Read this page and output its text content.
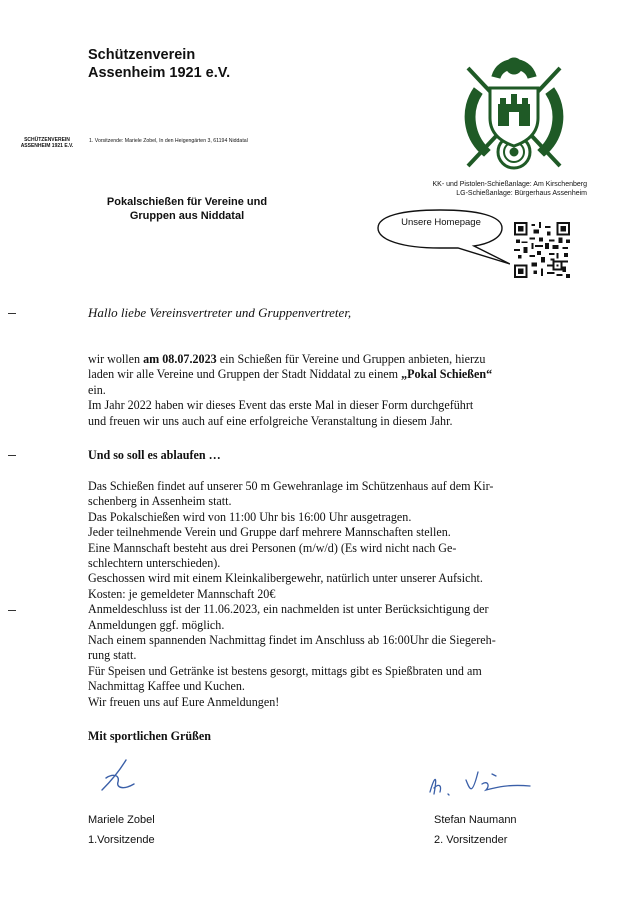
Schützenverein
Assenheim 1921 e.V.
SCHÜTZENVEREIN
ASSENHEIM 1921 E.V.
1. Vorsitzende: Mariele Zobel, In den Heigengärten 3, 61194 Niddatal
KK- und Pistolen-Schießanlage: Am Kirschenberg
LG-Schießanlage: Bürgerhaus Assenheim
Pokalschießen für Vereine und
Gruppen aus Niddatal
Unsere Homepage
Hallo liebe Vereinsvertreter und Gruppenvertreter,

wir wollen am 08.07.2023 ein Schießen für Vereine und Gruppen anbieten, hierzu

laden wir alle Vereine und Gruppen der Stadt Niddatal zu einem „Pokal Schießen“

ein.

Im Jahr 2022 haben wir dieses Event das erste Mal in dieser Form durchgeführt

und freuen wir uns auch auf eine erfolgreiche Veranstaltung in diesem Jahr.

Und so soll es ablaufen …

Das Schießen findet auf unserer 50 m Gewehranlage im Schützenhaus auf dem Kir-

schenberg in Assenheim statt.

Das Pokalschießen wird von 11:00 Uhr bis 16:00 Uhr ausgetragen.

Jeder teilnehmende Verein und Gruppe darf mehrere Mannschaften stellen.

Eine Mannschaft besteht aus drei Personen (m/w/d) (Es wird nicht nach Ge-

schlechtern unterschieden).

Geschossen wird mit einem Kleinkalibergewehr, natürlich unter unserer Aufsicht.

Kosten: je gemeldeter Mannschaft 20€

Anmeldeschluss ist der 11.06.2023, ein nachmelden ist unter Berücksichtigung der

Anmeldungen ggf. möglich.

Nach einem spannenden Nachmittag findet im Anschluss ab 16:00Uhr die Siegereh-

rung statt.

Für Speisen und Getränke ist bestens gesorgt, mittags gibt es Spießbraten und am

Nachmittag Kaffee und Kuchen.

Wir freuen uns auf Eure Anmeldungen!

Mit sportlichen Grüßen
Mariele Zobel
1.Vorsitzende
Stefan Naumann
2. Vorsitzender
